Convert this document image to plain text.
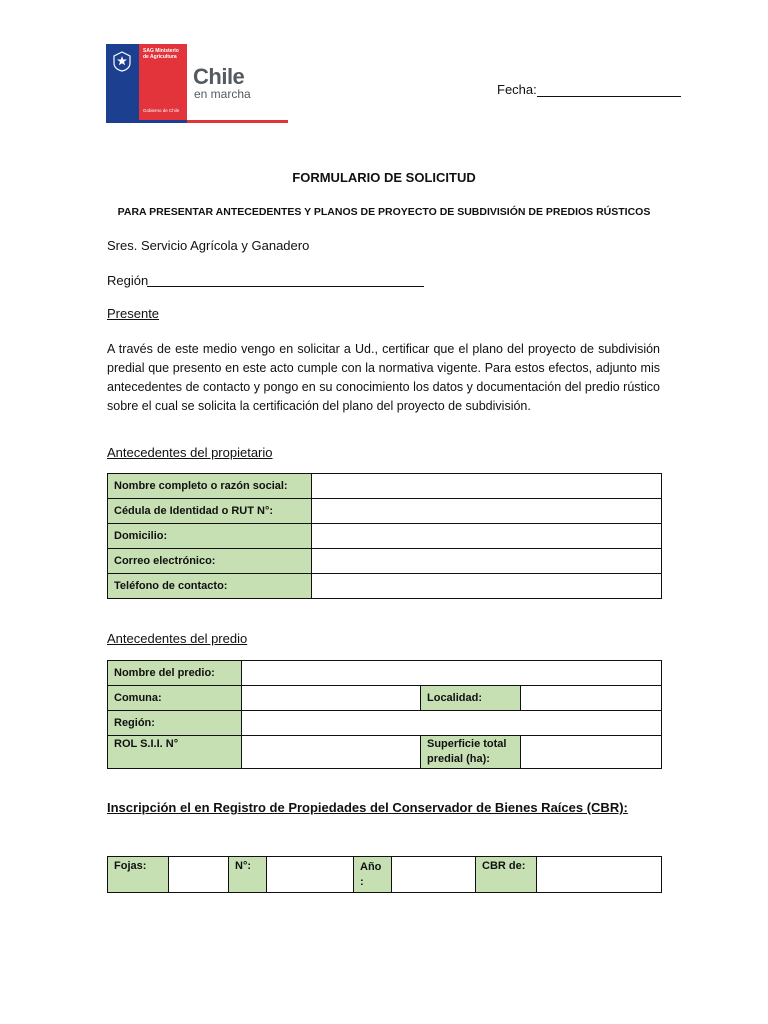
SAG Ministerio de Agricultura
Gobierno de Chile
Chile
en marcha	Fecha:
FORMULARIO DE SOLICITUD
PARA PRESENTAR ANTECEDENTES Y PLANOS DE PROYECTO DE SUBDIVISIÓN DE PREDIOS RÚSTICOS
Sres. Servicio Agrícola y Ganadero
Región
Presente
A través de este medio vengo en solicitar a Ud., certificar que el plano del proyecto de subdivisión predial que presento en este acto cumple con la normativa vigente. Para estos efectos, adjunto mis antecedentes de contacto y pongo en su conocimiento los datos y documentación del predio rústico sobre el cual se solicita la certificación del plano del proyecto de subdivisión.
Antecedentes del propietario
Nombre completo o razón social:	
Cédula de Identidad o RUT N°:	
Domicilio:	
Correo electrónico:	
Teléfono de contacto:	
Antecedentes del predio
Nombre del predio:			
Comuna:		Localidad:	
Región:			
ROL S.I.I. N°		Superficie total predial (ha):	
Inscripción el en Registro de Propiedades del Conservador de Bienes Raíces (CBR):
Fojas:		N°:		Año :		CBR de:	
